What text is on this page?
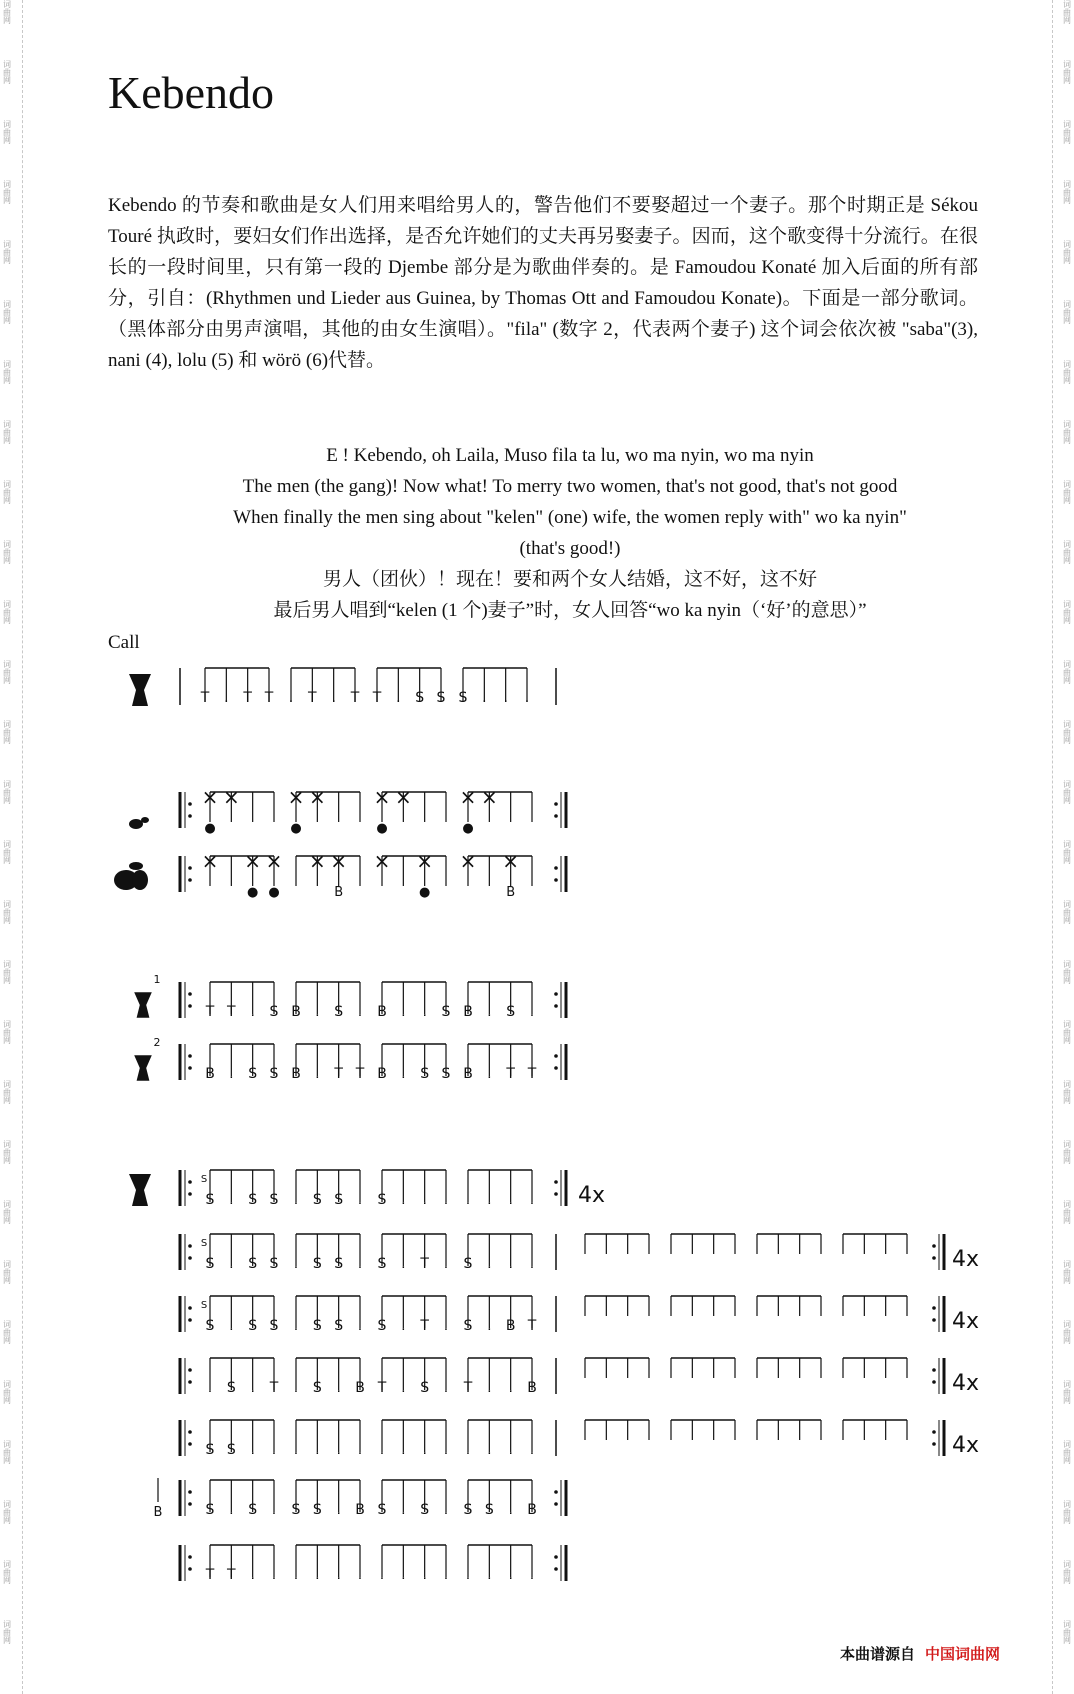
词曲网
词曲网
词曲网
词曲网
词曲网
词曲网
词曲网
词曲网
词曲网
词曲网
词曲网
词曲网
词曲网
词曲网
词曲网
词曲网
词曲网
词曲网
词曲网
词曲网
词曲网
词曲网
词曲网
词曲网
词曲网
词曲网
词曲网
词曲网
词曲网
词曲网
词曲网
词曲网
词曲网
词曲网
词曲网
词曲网
词曲网
词曲网
词曲网
词曲网
词曲网
词曲网
词曲网
词曲网
词曲网
词曲网
词曲网
词曲网
词曲网
词曲网
词曲网
词曲网
词曲网
词曲网
词曲网
词曲网
Kebendo

Kebendo 的节奏和歌曲是女人们用来唱给男人的，警告他们不要娶超过一个妻子。那个时期正是 Sékou Touré 执政时，要妇女们作出选择，是否允许她们的丈夫再另娶妻子。因而，这个歌变得十分流行。在很长的一段时间里，只有第一段的 Djembe 部分是为歌曲伴奏的。是 Famoudou Konaté 加入后面的所有部分，引自：(Rhythmen und Lieder aus Guinea, by Thomas Ott and Famoudou Konate)。下面是一部分歌词。（黑体部分由男声演唱，其他的由女生演唱）。"fila" (数字 2，代表两个妻子) 这个词会依次被 "saba"(3), nani (4), lolu (5) 和 wörö (6)代替。

E ! Kebendo, oh Laila, Muso fila ta lu, wo ma nyin, wo ma nyin
The men (the gang)! Now what! To merry two women, that's not good, that's not good
When finally the men sing about "kelen" (one) wife, the women reply with" wo ka nyin"
(that's good!)
男人（团伙）！现在！要和两个女人结婚，这不好，这不好
最后男人唱到“kelen (1 个)妻子”时，女人回答“wo ka nyin（‘好’的意思）”
Call
T . T T . T . T T . S S S . . .
× × × × × × × ×
●	●	●	●
× × × × × × × × ×
● ●	B	●	B
1
T T . S B . S . B . . S B . S .
2
B . S S B . T T B . S S B . T T
S . S S . S S . S . . . . . . . 4x
S
S . S S . S S . S . T . S . . .	4x
S
S . S S . S S . S . T . S . B T	4x
S
. S . T . S . B T . S . T . . B	4x
S S . . . . . . . . . . . . . .	4x
S . S . S S . B S . S . S S . B
T T . . . . . . . . . . . . . .
B
本曲谱源自 中国词曲网
